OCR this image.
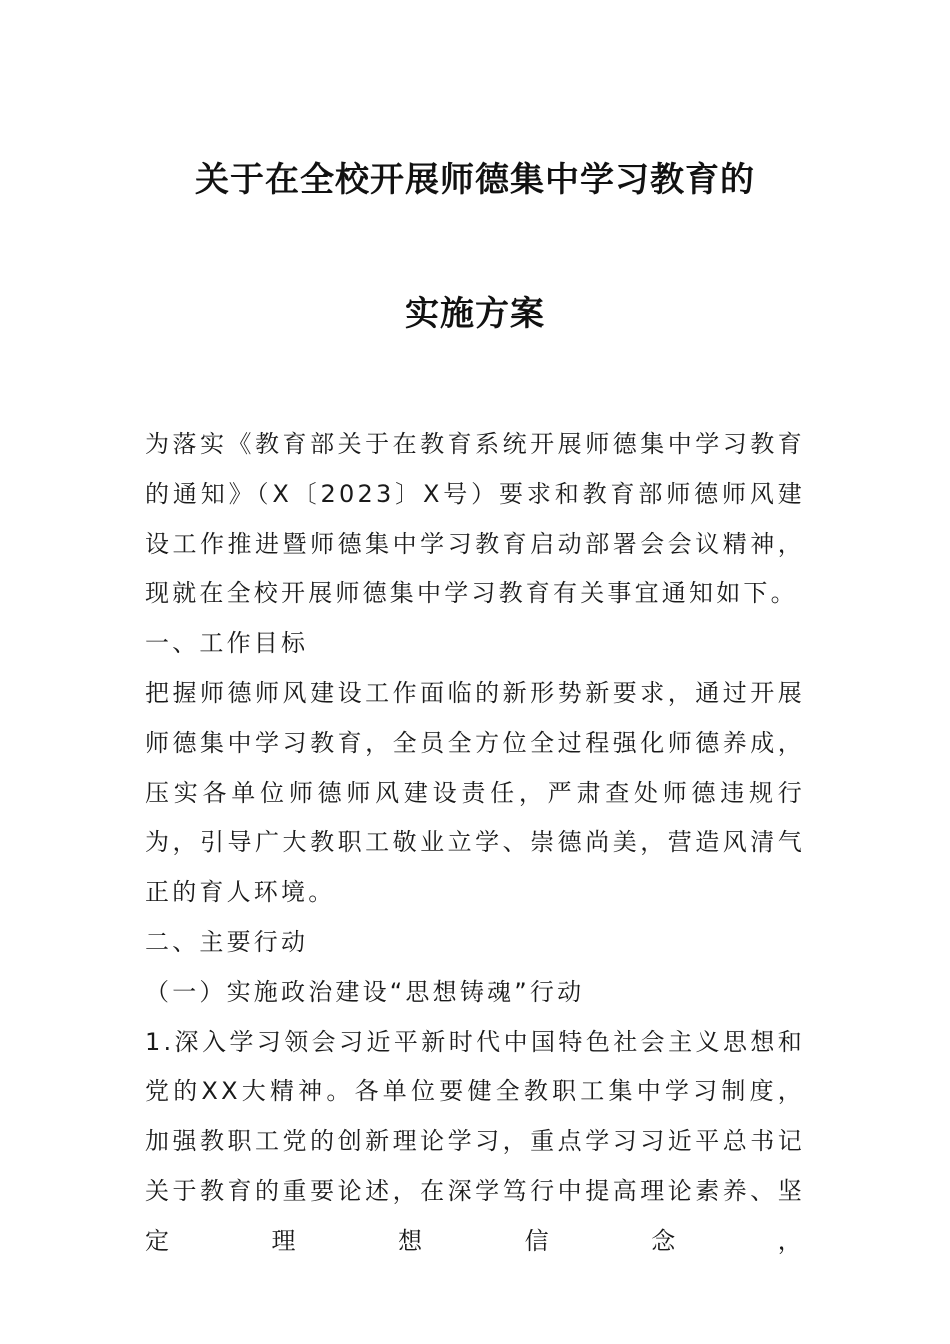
关于在全校开展师德集中学习教育的
实施方案

为落实《教育部关于在教育系统开展师德集中学习教育的通知》（X〔2023〕X号）要求和教育部师德师风建设工作推进暨师德集中学习教育启动部署会会议精神，现就在全校开展师德集中学习教育有关事宜通知如下。

一、工作目标

把握师德师风建设工作面临的新形势新要求，通过开展师德集中学习教育，全员全方位全过程强化师德养成，压实各单位师德师风建设责任，严肃查处师德违规行为，引导广大教职工敬业立学、崇德尚美，营造风清气正的育人环境。

二、主要行动

（一）实施政治建设“思想铸魂”行动

1.深入学习领会习近平新时代中国特色社会主义思想和党的XX大精神。各单位要健全教职工集中学习制度，加强教职工党的创新理论学习，重点学习习近平总书记关于教育的重要论述，在深学笃行中提高理论素养、坚定理想信念，
